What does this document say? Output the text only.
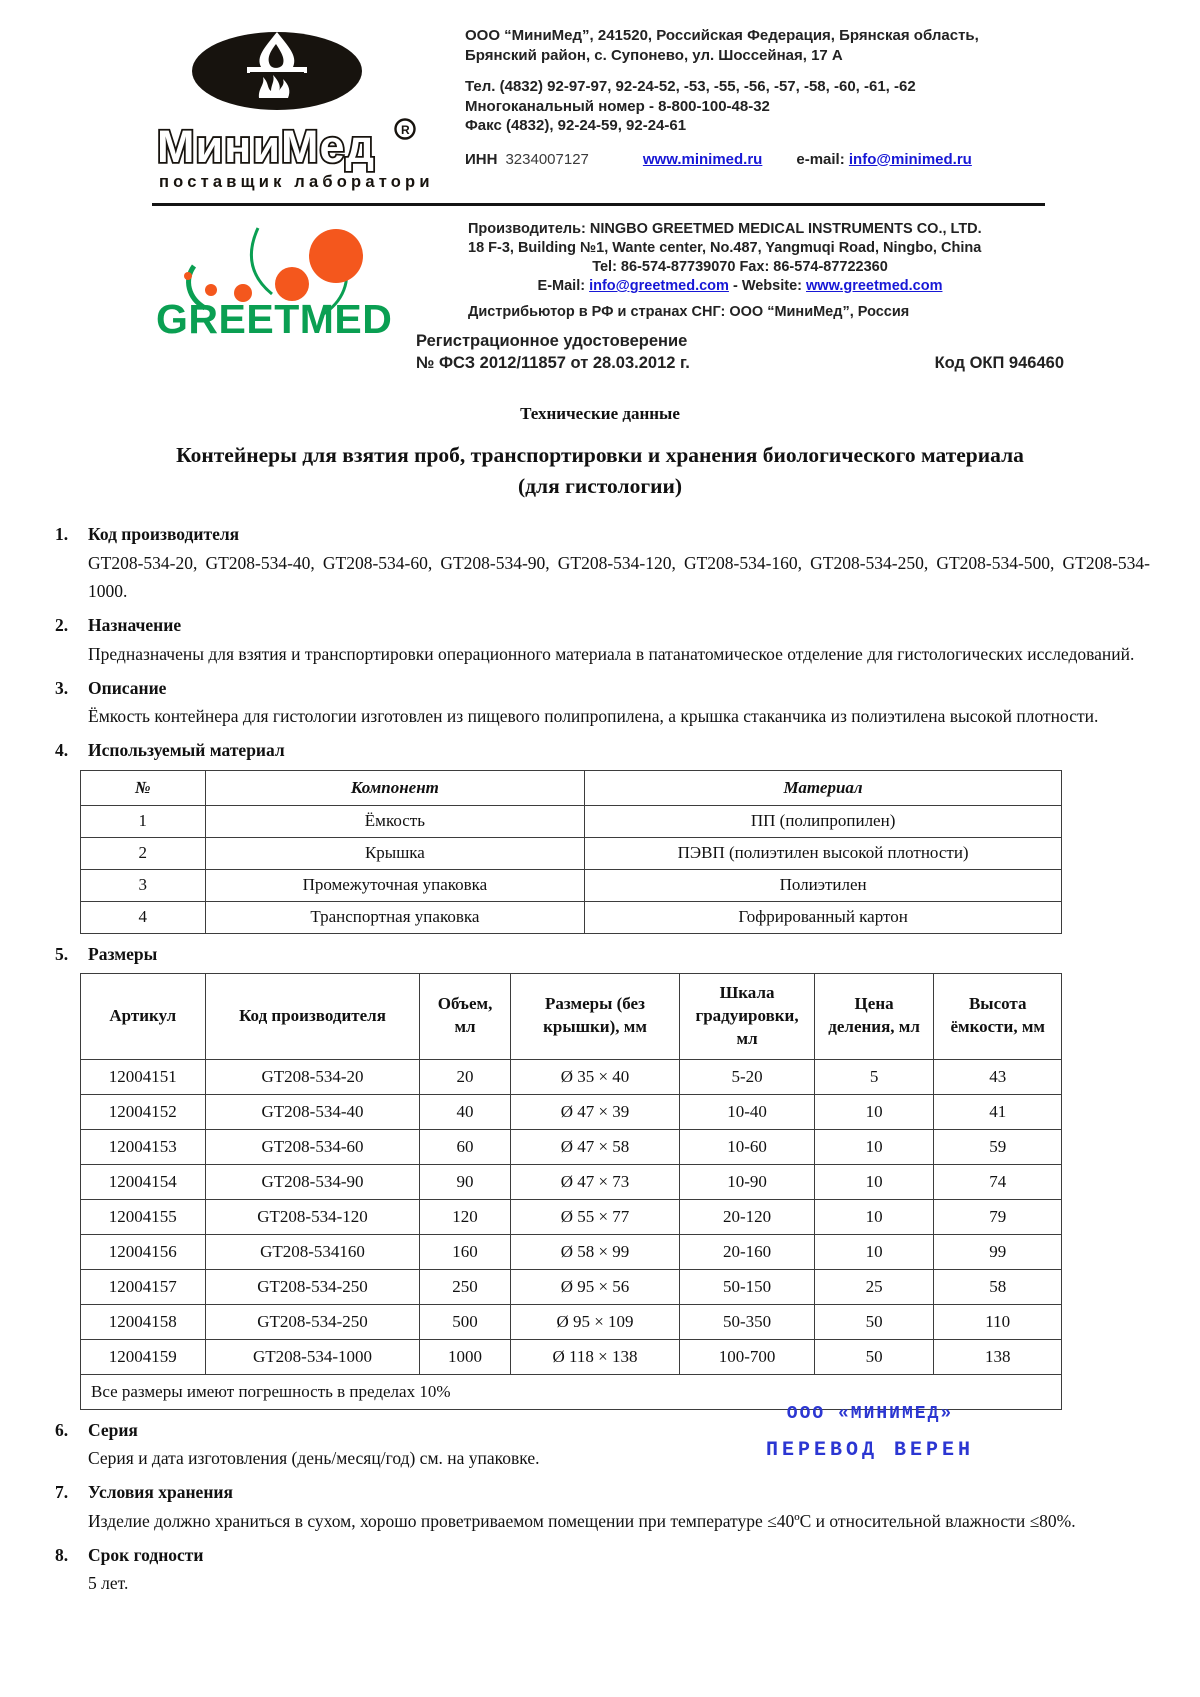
МиниМед R
поставщик лабораторий
ООО “МиниМед”, 241520, Российская Федерация, Брянская область,
Брянский район, с. Супонево, ул. Шоссейная, 17 А
Тел. (4832) 92-97-97, 92-24-52, -53, -55, -56, -57, -58, -60, -61, -62
Многоканальный номер - 8-800-100-48-32
Факс (4832), 92-24-59, 92-24-61
ИНН 3234007127	www.minimed.ru e-mail:
info@minimed.ru
GREETMED
Производитель: NINGBO GREETMED MEDICAL INSTRUMENTS CO., LTD.
18 F-3, Building №1, Wante center, No.487, Yangmuqi Road, Ningbo, China
Tel: 86-574-87739070 Fax: 86-574-87722360
E-Mail: info@greetmed.com - Website: www.greetmed.com
Дистрибьютор в РФ и странах СНГ: ООО “МиниМед”, Россия
Регистрационное удостоверение
№ ФСЗ 2012/11857 от 28.03.2012 г.	Код ОКП 946460
Технические данные
Контейнеры для взятия проб, транспортировки и хранения биологического материала
(для гистологии)
1.	Код производителя
GT208-534-20, GT208-534-40, GT208-534-60, GT208-534-90, GT208-534-120, GT208-534-160, GT208-534-250, GT208-534-500, GT208-534-1000.
2.	Назначение
Предназначены для взятия и транспортировки операционного материала в патанатомическое отделение для гистологических исследований.
3.	Описание
Ёмкость контейнера для гистологии изготовлен из пищевого полипропилена, а крышка стаканчика из полиэтилена высокой плотности.
4.	Используемый материал
№	Компонент	Материал
1	Ёмкость	ПП (полипропилен)
2	Крышка	ПЭВП (полиэтилен высокой плотности)
3	Промежуточная упаковка	Полиэтилен
4	Транспортная упаковка	Гофрированный картон
5.	Размеры
Артикул	Код производителя	Объем, мл	Размеры (без крышки), мм	Шкала градуировки, мл	Цена деления, мл	Высота ёмкости, мм
12004151	GT208-534-20	20	Ø 35 × 40	5-20	5	43
12004152	GT208-534-40	40	Ø 47 × 39	10-40	10	41
12004153	GT208-534-60	60	Ø 47 × 58	10-60	10	59
12004154	GT208-534-90	90	Ø 47 × 73	10-90	10	74
12004155	GT208-534-120	120	Ø 55 × 77	20-120	10	79
12004156	GT208-534160	160	Ø 58 × 99	20-160	10	99
12004157	GT208-534-250	250	Ø 95 × 56	50-150	25	58
12004158	GT208-534-250	500	Ø 95 × 109	50-350	50	110
12004159	GT208-534-1000	1000	Ø 118 × 138	100-700	50	138
Все размеры имеют погрешность в пределах 10%						
ООО «МИНИМЕД»
ПЕРЕВОД ВЕРЕН
6.	Серия
Серия и дата изготовления (день/месяц/год) см. на упаковке.
7.	Условия хранения
Изделие должно храниться в сухом, хорошо проветриваемом помещении при температуре ≤40ºС и относительной влажности ≤80%.
8.	Срок годности
5 лет.
